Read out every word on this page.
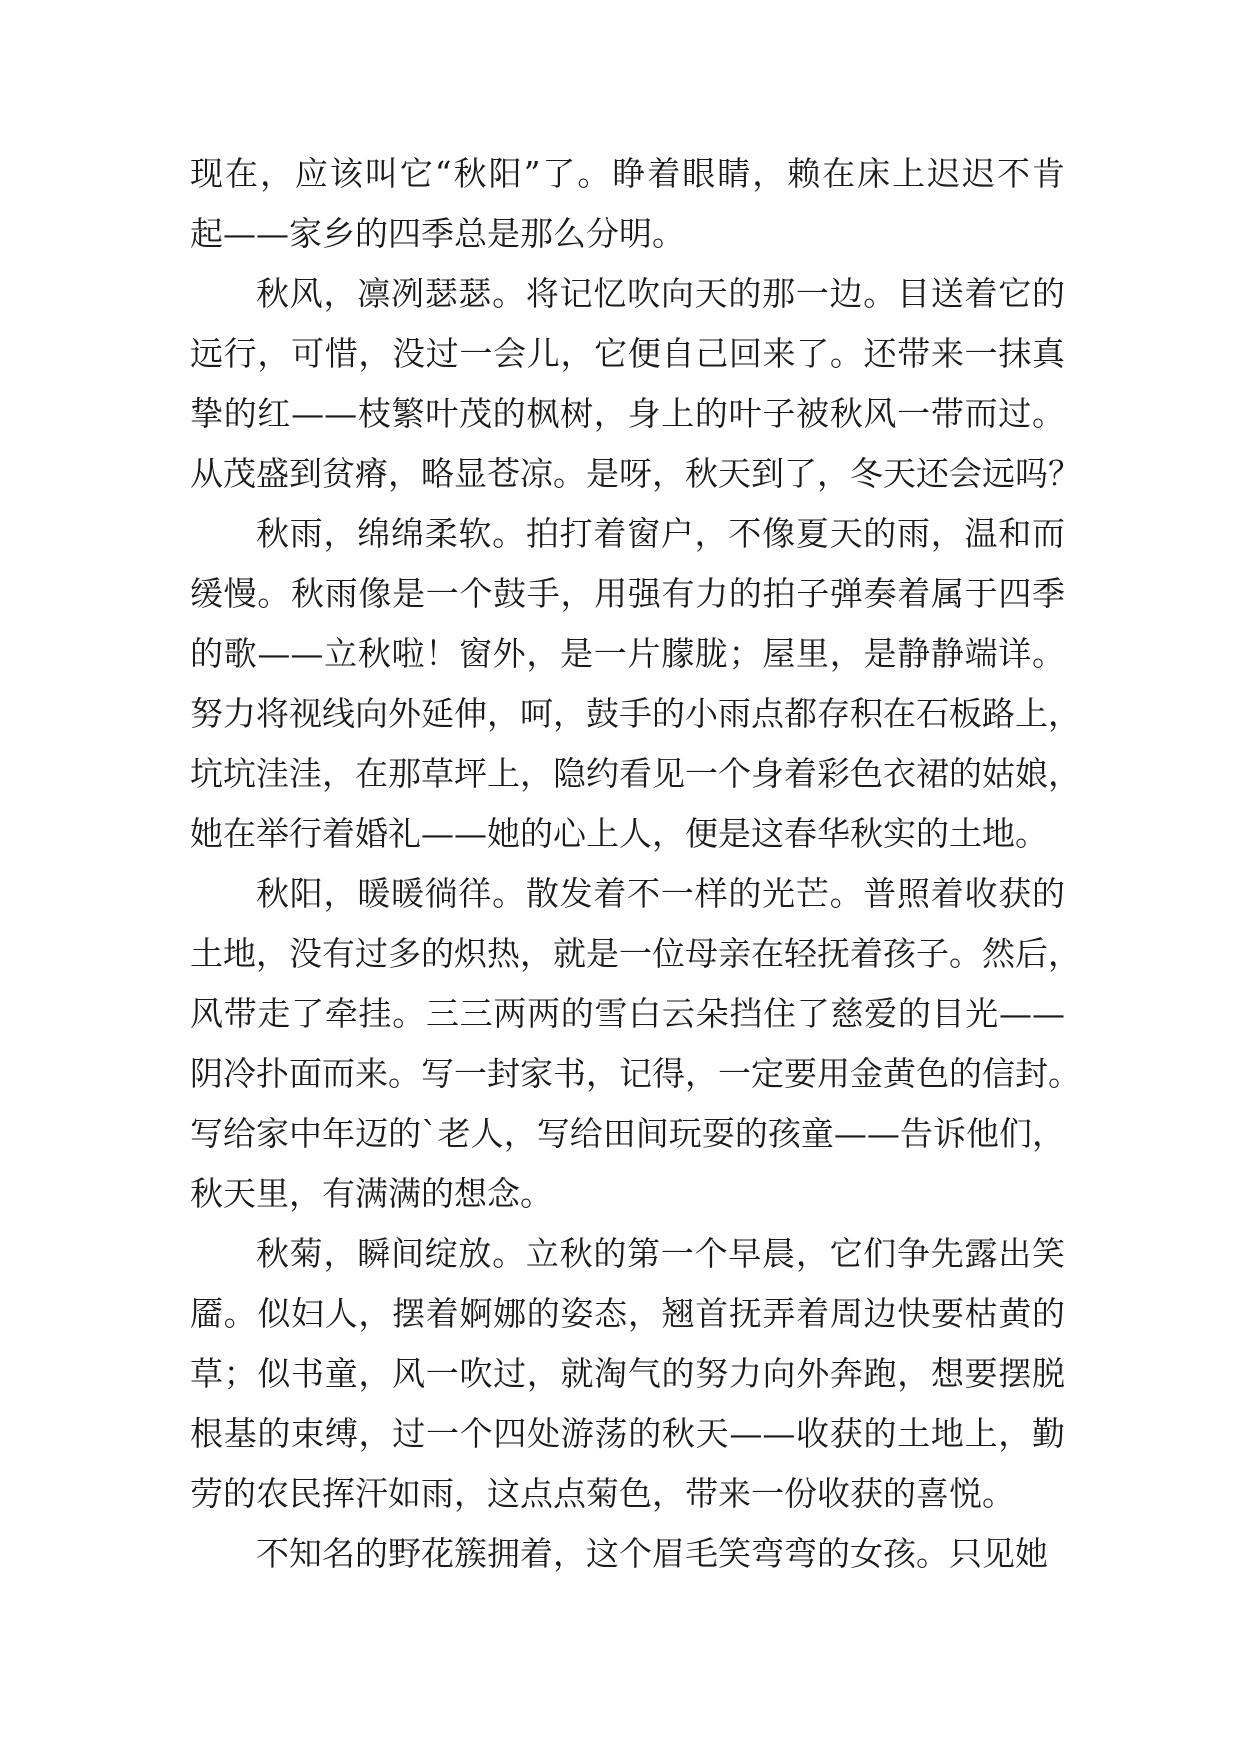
现在，应该叫它“秋阳”了。睁着眼睛，赖在床上迟迟不肯
起——家乡的四季总是那么分明。
秋风，凛冽瑟瑟。将记忆吹向天的那一边。目送着它的
远行，可惜，没过一会儿，它便自己回来了。还带来一抹真
挚的红——枝繁叶茂的枫树，身上的叶子被秋风一带而过。
从茂盛到贫瘠，略显苍凉。是呀，秋天到了，冬天还会远吗？
秋雨，绵绵柔软。拍打着窗户，不像夏天的雨，温和而
缓慢。秋雨像是一个鼓手，用强有力的拍子弹奏着属于四季
的歌——立秋啦！窗外，是一片朦胧；屋里，是静静端详。
努力将视线向外延伸，呵，鼓手的小雨点都存积在石板路上，
坑坑洼洼，在那草坪上，隐约看见一个身着彩色衣裙的姑娘，
她在举行着婚礼——她的心上人，便是这春华秋实的土地。
秋阳，暖暖徜徉。散发着不一样的光芒。普照着收获的
土地，没有过多的炽热，就是一位母亲在轻抚着孩子。然后，
风带走了牵挂。三三两两的雪白云朵挡住了慈爱的目光——
阴冷扑面而来。写一封家书，记得，一定要用金黄色的信封。
写给家中年迈的`老人，写给田间玩耍的孩童——告诉他们，
秋天里，有满满的想念。
秋菊，瞬间绽放。立秋的第一个早晨，它们争先露出笑
靥。似妇人，摆着婀娜的姿态，翘首抚弄着周边快要枯黄的
草；似书童，风一吹过，就淘气的努力向外奔跑，想要摆脱
根基的束缚，过一个四处游荡的秋天——收获的土地上，勤
劳的农民挥汗如雨，这点点菊色，带来一份收获的喜悦。
不知名的野花簇拥着，这个眉毛笑弯弯的女孩。只见她
